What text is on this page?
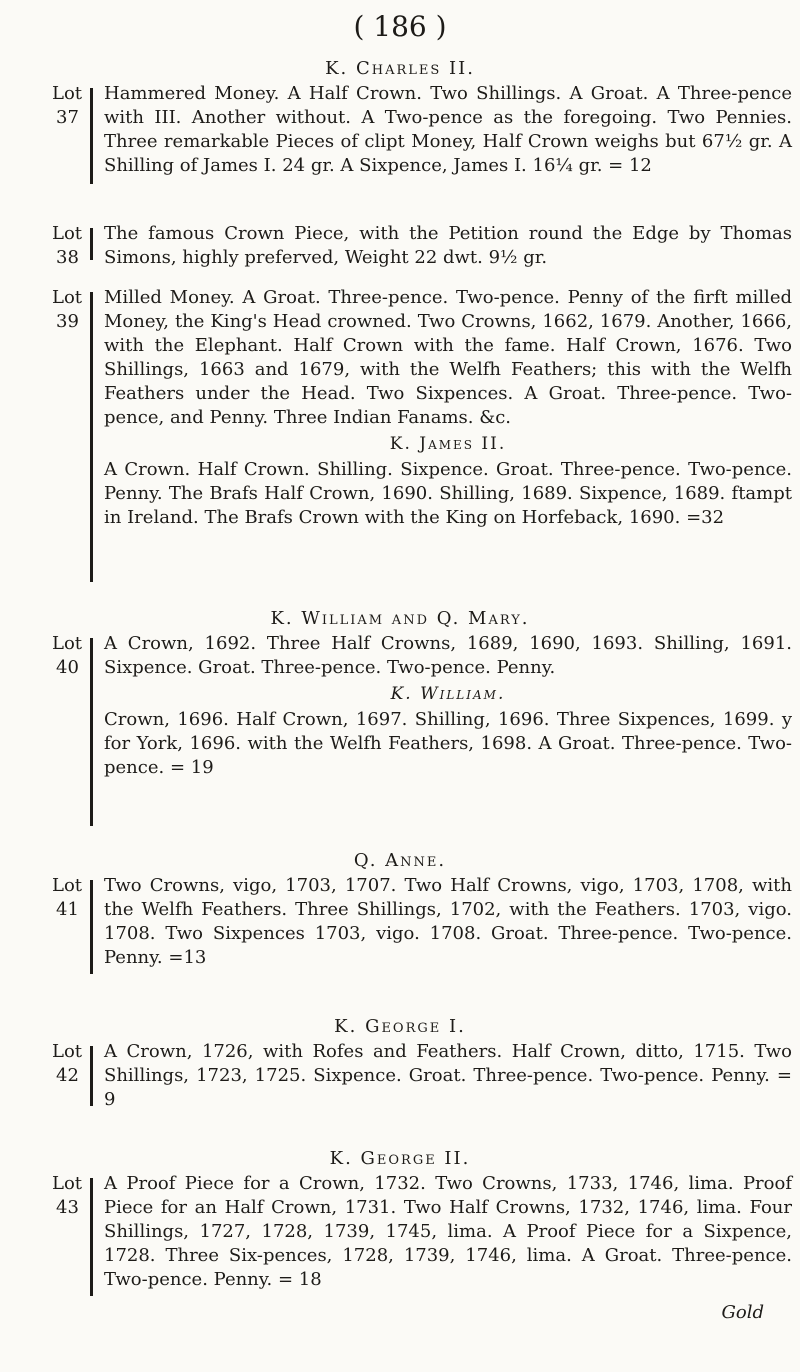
( 186 )
K. Charles II.
Lot
37

Hammered Money. A Half Crown. Two Shillings. A Groat. A Three-pence with III. Another without. A Two-pence as the foregoing. Two Pennies. Three remarkable Pieces of clipt Money, Half Crown weighs but 67½ gr. A Shilling of James I. 24 gr. A Sixpence, James I. 16¼ gr. = 12

Lot
38

The famous Crown Piece, with the Petition round the Edge by Thomas Simons, highly preferved, Weight 22 dwt. 9½ gr.

Lot
39

Milled Money. A Groat. Three-pence. Two-pence. Penny of the firft milled Money, the King's Head crowned. Two Crowns, 1662, 1679. Another, 1666, with the Elephant. Half Crown with the fame. Half Crown, 1676. Two Shillings, 1663 and 1679, with the Welfh Feathers; this with the Welfh Feathers under the Head. Two Sixpences. A Groat. Three-pence. Two-pence, and Penny. Three Indian Fanams. &c.

K. James II.

A Crown. Half Crown. Shilling. Sixpence. Groat. Three-pence. Two-pence. Penny. The Brafs Half Crown, 1690. Shilling, 1689. Sixpence, 1689. ftampt in Ireland. The Brafs Crown with the King on Horfeback, 1690. =32

K. William and Q. Mary.
Lot
40

A Crown, 1692. Three Half Crowns, 1689, 1690, 1693. Shilling, 1691. Sixpence. Groat. Three-pence. Two-pence. Penny.

K. William.

Crown, 1696. Half Crown, 1697. Shilling, 1696. Three Sixpences, 1699. y for York, 1696. with the Welfh Feathers, 1698. A Groat. Three-pence. Two-pence. = 19

Q. Anne.
Lot
41

Two Crowns, vigo, 1703, 1707. Two Half Crowns, vigo, 1703, 1708, with the Welfh Feathers. Three Shillings, 1702, with the Feathers. 1703, vigo. 1708. Two Sixpences 1703, vigo. 1708. Groat. Three-pence. Two-pence. Penny. =13

K. George I.
Lot
42

A Crown, 1726, with Rofes and Feathers. Half Crown, ditto, 1715. Two Shillings, 1723, 1725. Sixpence. Groat. Three-pence. Two-pence. Penny. = 9

K. George II.
Lot
43

A Proof Piece for a Crown, 1732. Two Crowns, 1733, 1746, lima. Proof Piece for an Half Crown, 1731. Two Half Crowns, 1732, 1746, lima. Four Shillings, 1727, 1728, 1739, 1745, lima. A Proof Piece for a Sixpence, 1728. Three Six-pences, 1728, 1739, 1746, lima. A Groat. Three-pence. Two-pence. Penny. = 18

Gold
